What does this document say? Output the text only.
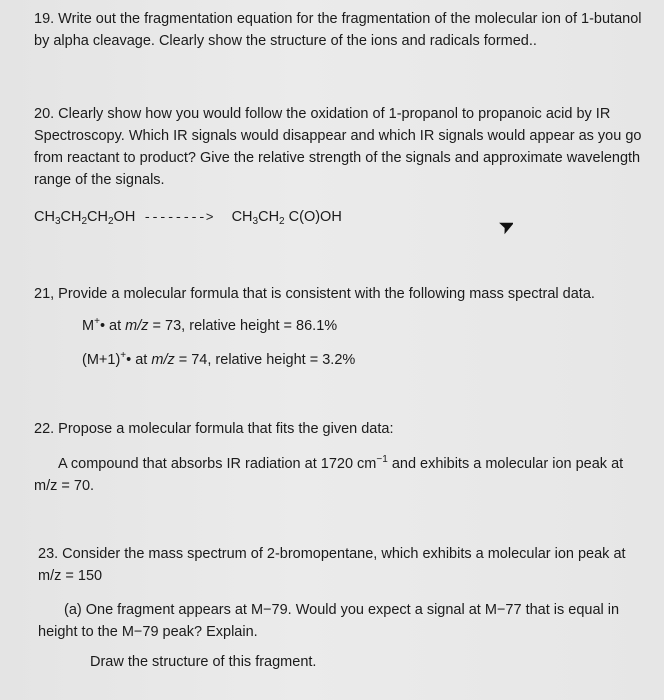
19. Write out the fragmentation equation for the fragmentation of the molecular ion of 1-butanol by alpha cleavage. Clearly show the structure of the ions and radicals formed..
20. Clearly show how you would follow the oxidation of 1-propanol to propanoic acid by IR Spectroscopy. Which IR signals would disappear and which IR signals would appear as you go from reactant to product? Give the relative strength of the signals and approximate wavelength range of the signals.
$CH_3CH_2CH_2OH$ --------> $CH_3CH_2$ C(O)OH
21, Provide a molecular formula that is consistent with the following mass spectral data.
M+• at m/z = 73, relative height = 86.1%
(M+1)+• at m/z = 74, relative height = 3.2%
22. Propose a molecular formula that fits the given data:
A compound that absorbs IR radiation at 1720 $cm^{-1}$ and exhibits a molecular ion peak at m/z = 70.
23. Consider the mass spectrum of 2-bromopentane, which exhibits a molecular ion peak at m/z = 150
(a) One fragment appears at M−79. Would you expect a signal at M−77 that is equal in height to the M−79 peak? Explain.
Draw the structure of this fragment.
